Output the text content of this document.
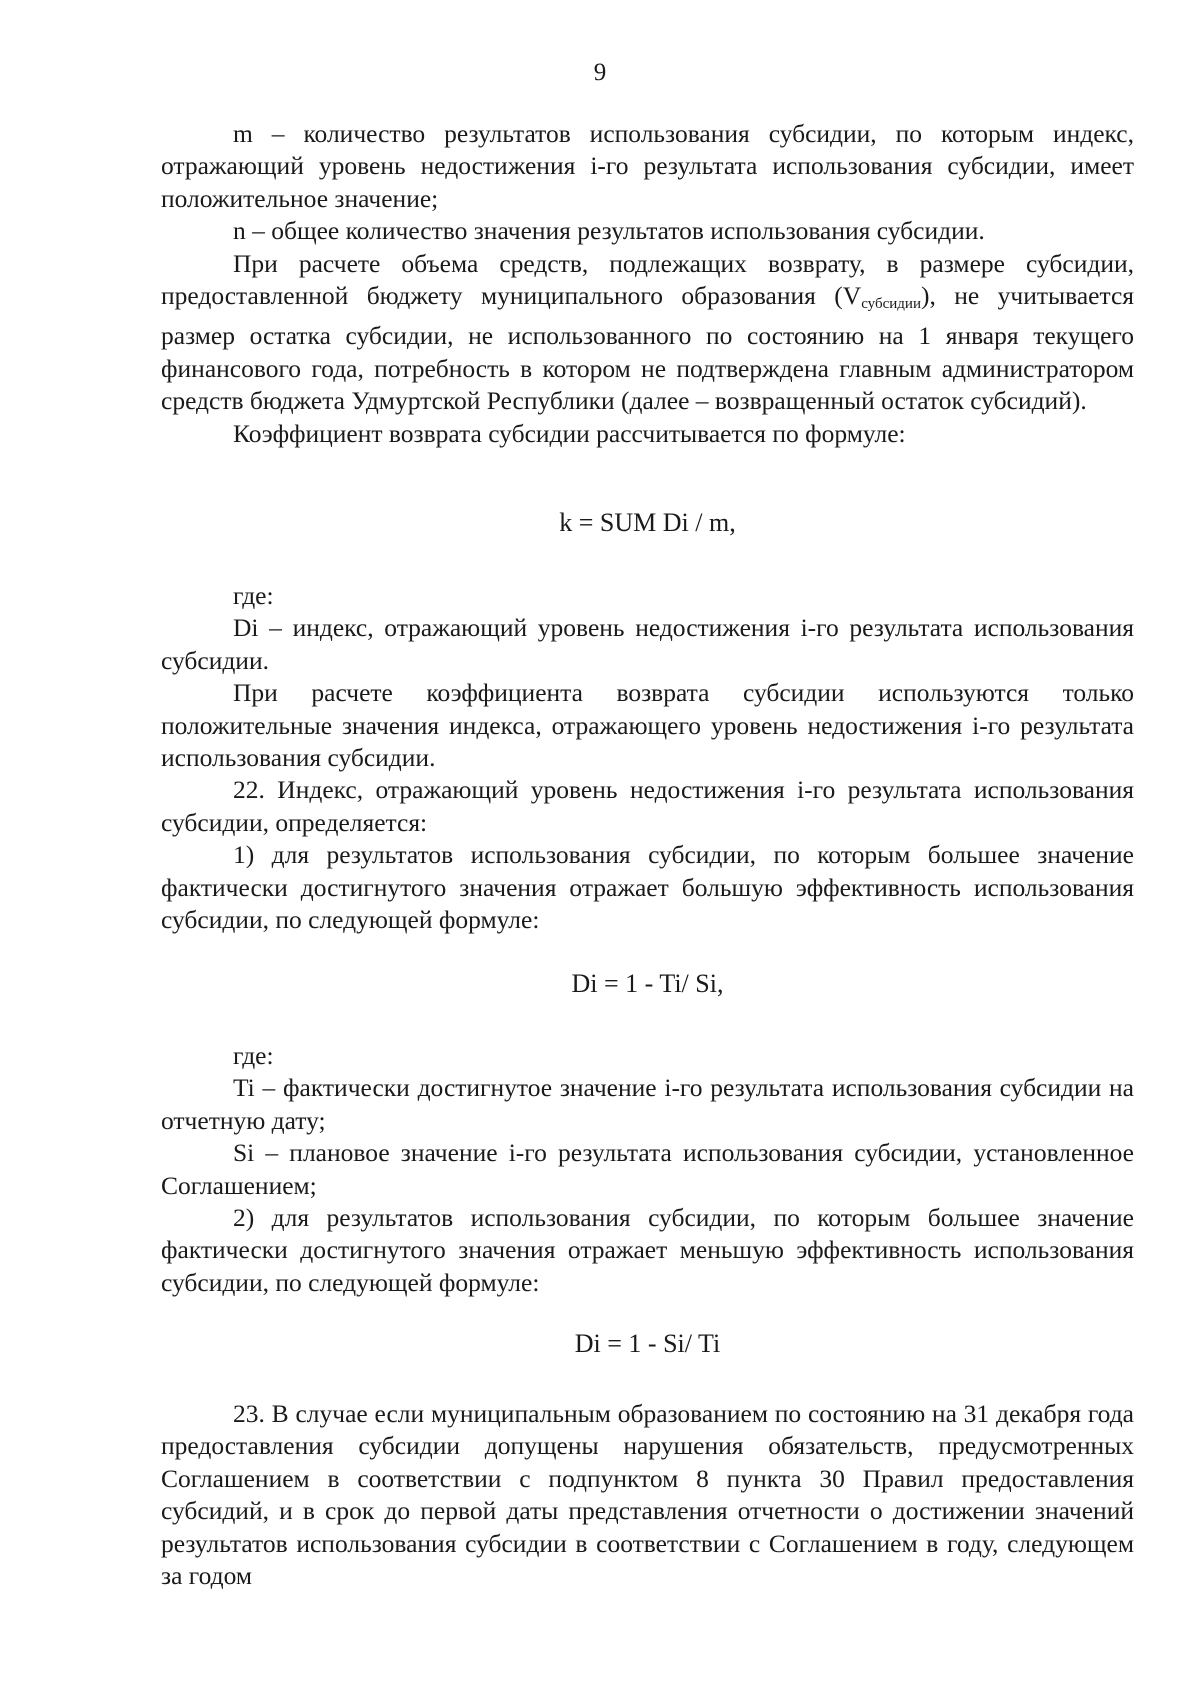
9

m – количество результатов использования субсидии, по которым индекс, отражающий уровень недостижения i-го результата использования субсидии, имеет положительное значение;

n – общее количество значения результатов использования субсидии.

При расчете объема средств, подлежащих возврату, в размере субсидии, предоставленной бюджету муниципального образования $(V_{субсидии})$, не учитывается размер остатка субсидии, не использованного по состоянию на 1 января текущего финансового года, потребность в котором не подтверждена главным администратором средств бюджета Удмуртской Республики (далее – возвращенный остаток субсидий).

Коэффициент возврата субсидии рассчитывается по формуле:

k = SUM Di / m,

где:

Di – индекс, отражающий уровень недостижения i-го результата использования субсидии.

При расчете коэффициента возврата субсидии используются только положительные значения индекса, отражающего уровень недостижения i-го результата использования субсидии.

22. Индекс, отражающий уровень недостижения i-го результата использования субсидии, определяется:

1) для результатов использования субсидии, по которым большее значение фактически достигнутого значения отражает большую эффективность использования субсидии, по следующей формуле:

Di = 1 - Ti/ Si,

где:

Ti – фактически достигнутое значение i-го результата использования субсидии на отчетную дату;

Si – плановое значение i-го результата использования субсидии, установленное Соглашением;

2) для результатов использования субсидии, по которым большее значение фактически достигнутого значения отражает меньшую эффективность использования субсидии, по следующей формуле:

Di = 1 - Si/ Ti

23. В случае если муниципальным образованием по состоянию на 31 декабря года предоставления субсидии допущены нарушения обязательств, предусмотренных Соглашением в соответствии с подпунктом 8 пункта 30 Правил предоставления субсидий, и в срок до первой даты представления отчетности о достижении значений результатов использования субсидии в соответствии с Соглашением в году, следующем за годом
